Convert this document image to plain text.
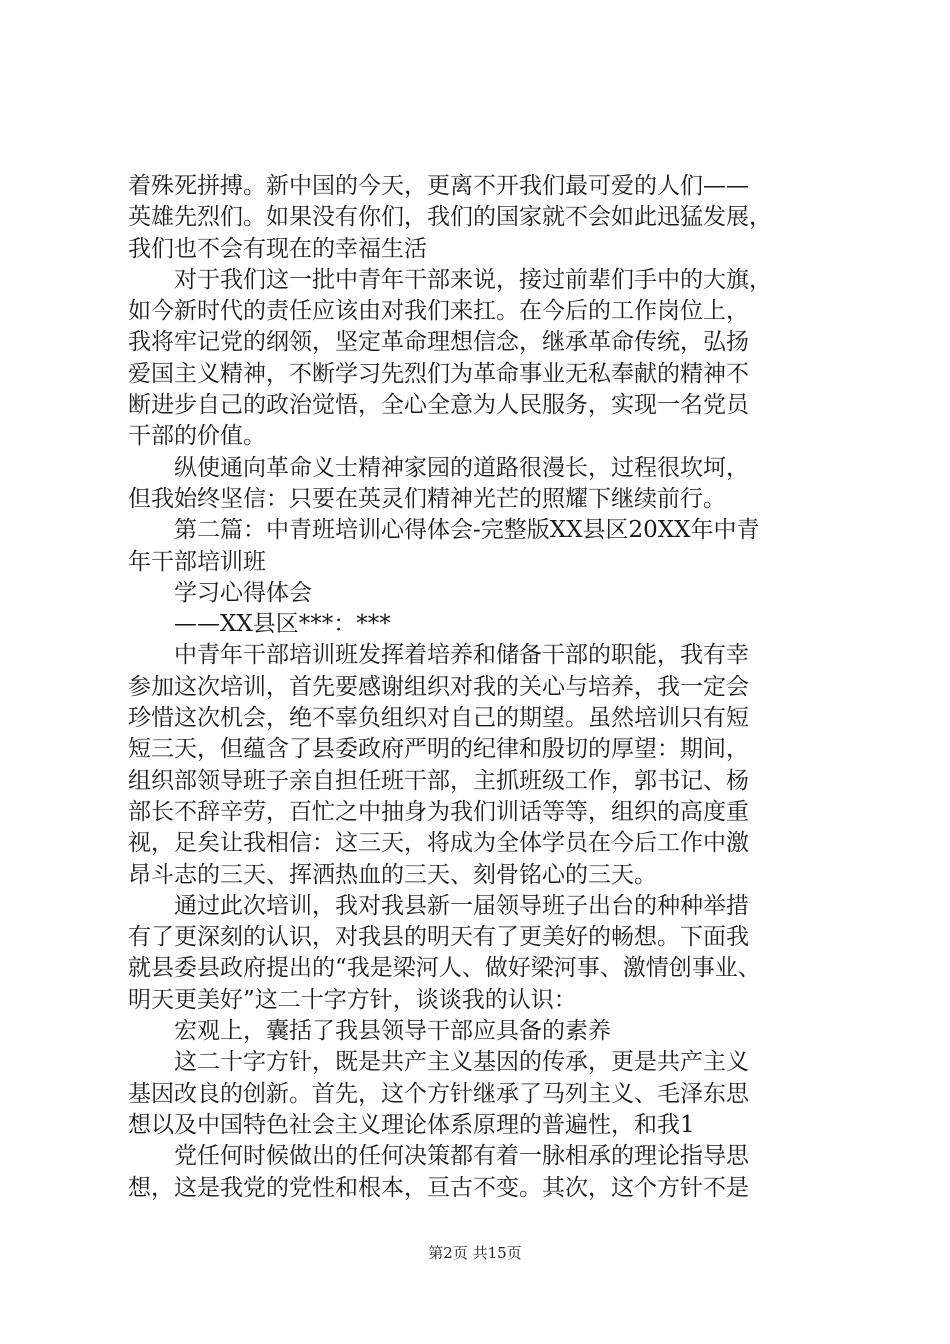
着殊死拼搏。新中国的今天，更离不开我们最可爱的人们——
英雄先烈们。如果没有你们，我们的国家就不会如此迅猛发展，
我们也不会有现在的幸福生活
对于我们这一批中青年干部来说，接过前辈们手中的大旗，
如今新时代的责任应该由对我们来扛。在今后的工作岗位上，
我将牢记党的纲领，坚定革命理想信念，继承革命传统，弘扬
爱国主义精神，不断学习先烈们为革命事业无私奉献的精神不
断进步自己的政治觉悟，全心全意为人民服务，实现一名党员
干部的价值。
纵使通向革命义士精神家园的道路很漫长，过程很坎坷，
但我始终坚信：只要在英灵们精神光芒的照耀下继续前行。
第二篇：中青班培训心得体会-完整版XX县区20XX年中青
年干部培训班
学习心得体会
——XX县区***：***
中青年干部培训班发挥着培养和储备干部的职能，我有幸
参加这次培训，首先要感谢组织对我的关心与培养，我一定会
珍惜这次机会，绝不辜负组织对自己的期望。虽然培训只有短
短三天，但蕴含了县委政府严明的纪律和殷切的厚望：期间，
组织部领导班子亲自担任班干部，主抓班级工作，郭书记、杨
部长不辞辛劳，百忙之中抽身为我们训话等等，组织的高度重
视，足矣让我相信：这三天，将成为全体学员在今后工作中激
昂斗志的三天、挥洒热血的三天、刻骨铭心的三天。
通过此次培训，我对我县新一届领导班子出台的种种举措
有了更深刻的认识，对我县的明天有了更美好的畅想。下面我
就县委县政府提出的“我是梁河人、做好梁河事、激情创事业、
明天更美好”这二十字方针，谈谈我的认识：
宏观上，囊括了我县领导干部应具备的素养
这二十字方针，既是共产主义基因的传承，更是共产主义
基因改良的创新。首先，这个方针继承了马列主义、毛泽东思
想以及中国特色社会主义理论体系原理的普遍性，和我1
党任何时候做出的任何决策都有着一脉相承的理论指导思
想，这是我党的党性和根本，亘古不变。其次，这个方针不是
第2页 共15页
